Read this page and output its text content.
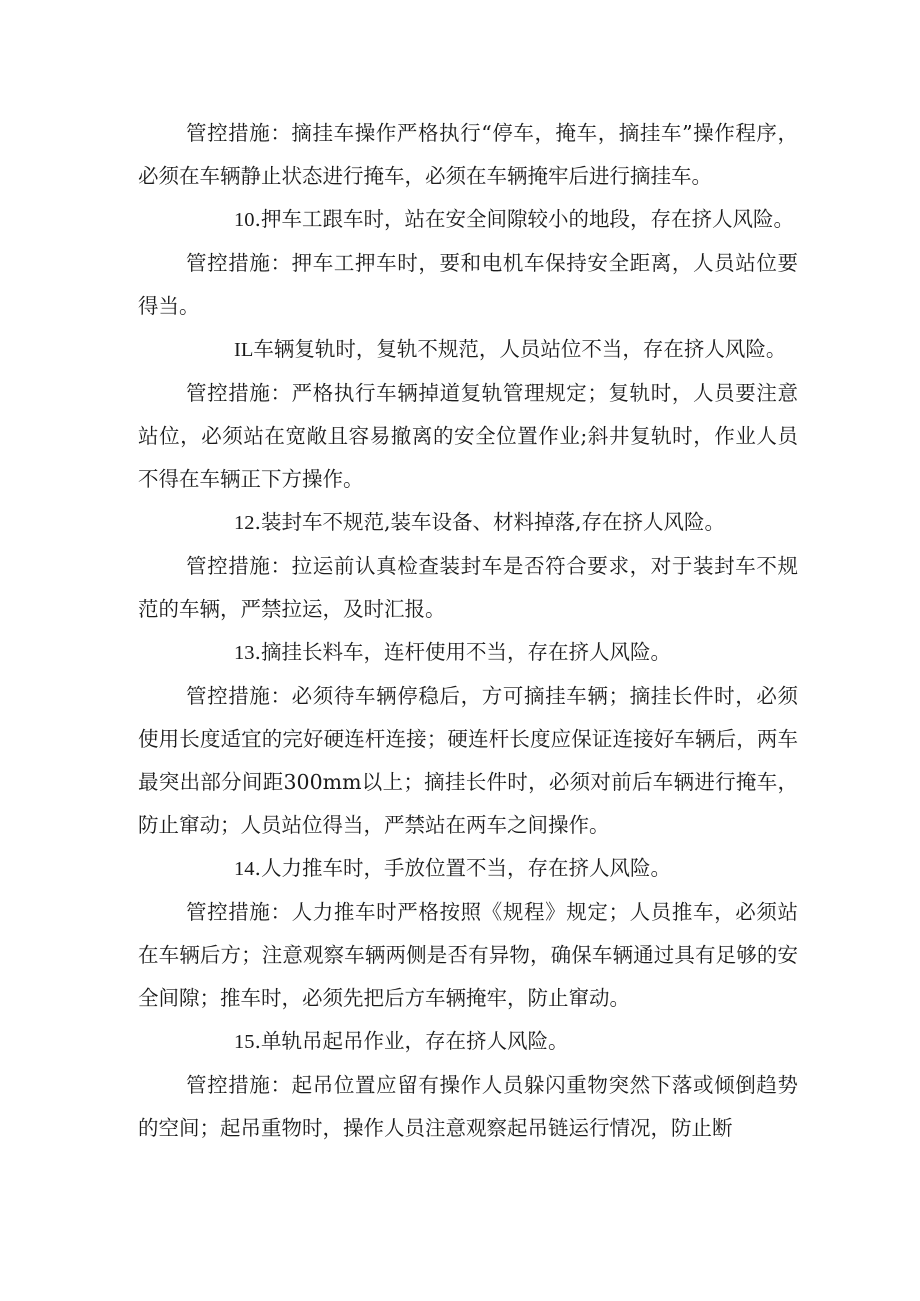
管控措施：摘挂车操作严格执行“停车，掩车，摘挂车”操作程序，必须在车辆静止状态进行掩车，必须在车辆掩牢后进行摘挂车。

10.押车工跟车时，站在安全间隙较小的地段，存在挤人风险。

管控措施：押车工押车时，要和电机车保持安全距离，人员站位要得当。

IL车辆复轨时，复轨不规范，人员站位不当，存在挤人风险。

管控措施：严格执行车辆掉道复轨管理规定；复轨时，人员要注意站位，必须站在宽敞且容易撤离的安全位置作业;斜井复轨时，作业人员不得在车辆正下方操作。

12.装封车不规范,装车设备、材料掉落,存在挤人风险。

管控措施：拉运前认真检查装封车是否符合要求，对于装封车不规范的车辆，严禁拉运，及时汇报。

13.摘挂长料车，连杆使用不当，存在挤人风险。

管控措施：必须待车辆停稳后，方可摘挂车辆；摘挂长件时，必须使用长度适宜的完好硬连杆连接；硬连杆长度应保证连接好车辆后，两车最突出部分间距300mm以上；摘挂长件时，必须对前后车辆进行掩车，防止窜动；人员站位得当，严禁站在两车之间操作。

14.人力推车时，手放位置不当，存在挤人风险。

管控措施：人力推车时严格按照《规程》规定；人员推车，必须站在车辆后方；注意观察车辆两侧是否有异物，确保车辆通过具有足够的安全间隙；推车时，必须先把后方车辆掩牢，防止窜动。

15.单轨吊起吊作业，存在挤人风险。

管控措施：起吊位置应留有操作人员躲闪重物突然下落或倾倒趋势的空间；起吊重物时，操作人员注意观察起吊链运行情况，防止断
